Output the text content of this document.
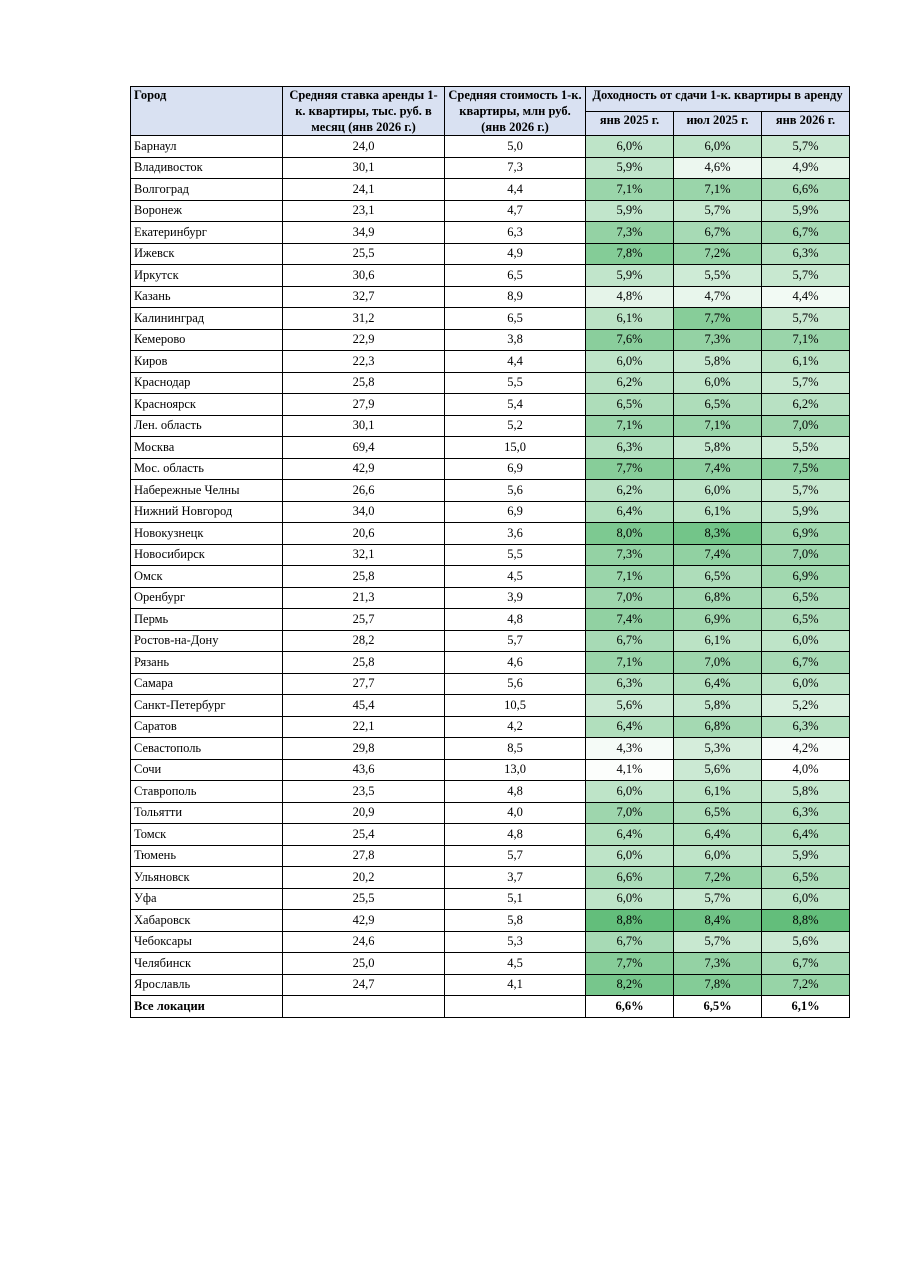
Город	Средняя ставка аренды 1-к. квартиры, тыс. руб. в месяц (янв 2026 г.)	Средняя стоимость 1-к. квартиры, млн руб. (янв 2026 г.)	Доходность от сдачи 1-к. квартиры в аренду		
			янв 2025 г.	июл 2025 г.	янв 2026 г.
Барнаул	24,0	5,0	6,0%	6,0%	5,7%
Владивосток	30,1	7,3	5,9%	4,6%	4,9%
Волгоград	24,1	4,4	7,1%	7,1%	6,6%
Воронеж	23,1	4,7	5,9%	5,7%	5,9%
Екатеринбург	34,9	6,3	7,3%	6,7%	6,7%
Ижевск	25,5	4,9	7,8%	7,2%	6,3%
Иркутск	30,6	6,5	5,9%	5,5%	5,7%
Казань	32,7	8,9	4,8%	4,7%	4,4%
Калининград	31,2	6,5	6,1%	7,7%	5,7%
Кемерово	22,9	3,8	7,6%	7,3%	7,1%
Киров	22,3	4,4	6,0%	5,8%	6,1%
Краснодар	25,8	5,5	6,2%	6,0%	5,7%
Красноярск	27,9	5,4	6,5%	6,5%	6,2%
Лен. область	30,1	5,2	7,1%	7,1%	7,0%
Москва	69,4	15,0	6,3%	5,8%	5,5%
Мос. область	42,9	6,9	7,7%	7,4%	7,5%
Набережные Челны	26,6	5,6	6,2%	6,0%	5,7%
Нижний Новгород	34,0	6,9	6,4%	6,1%	5,9%
Новокузнецк	20,6	3,6	8,0%	8,3%	6,9%
Новосибирск	32,1	5,5	7,3%	7,4%	7,0%
Омск	25,8	4,5	7,1%	6,5%	6,9%
Оренбург	21,3	3,9	7,0%	6,8%	6,5%
Пермь	25,7	4,8	7,4%	6,9%	6,5%
Ростов-на-Дону	28,2	5,7	6,7%	6,1%	6,0%
Рязань	25,8	4,6	7,1%	7,0%	6,7%
Самара	27,7	5,6	6,3%	6,4%	6,0%
Санкт-Петербург	45,4	10,5	5,6%	5,8%	5,2%
Саратов	22,1	4,2	6,4%	6,8%	6,3%
Севастополь	29,8	8,5	4,3%	5,3%	4,2%
Сочи	43,6	13,0	4,1%	5,6%	4,0%
Ставрополь	23,5	4,8	6,0%	6,1%	5,8%
Тольятти	20,9	4,0	7,0%	6,5%	6,3%
Томск	25,4	4,8	6,4%	6,4%	6,4%
Тюмень	27,8	5,7	6,0%	6,0%	5,9%
Ульяновск	20,2	3,7	6,6%	7,2%	6,5%
Уфа	25,5	5,1	6,0%	5,7%	6,0%
Хабаровск	42,9	5,8	8,8%	8,4%	8,8%
Чебоксары	24,6	5,3	6,7%	5,7%	5,6%
Челябинск	25,0	4,5	7,7%	7,3%	6,7%
Ярославль	24,7	4,1	8,2%	7,8%	7,2%
Все локации			6,6%	6,5%	6,1%
